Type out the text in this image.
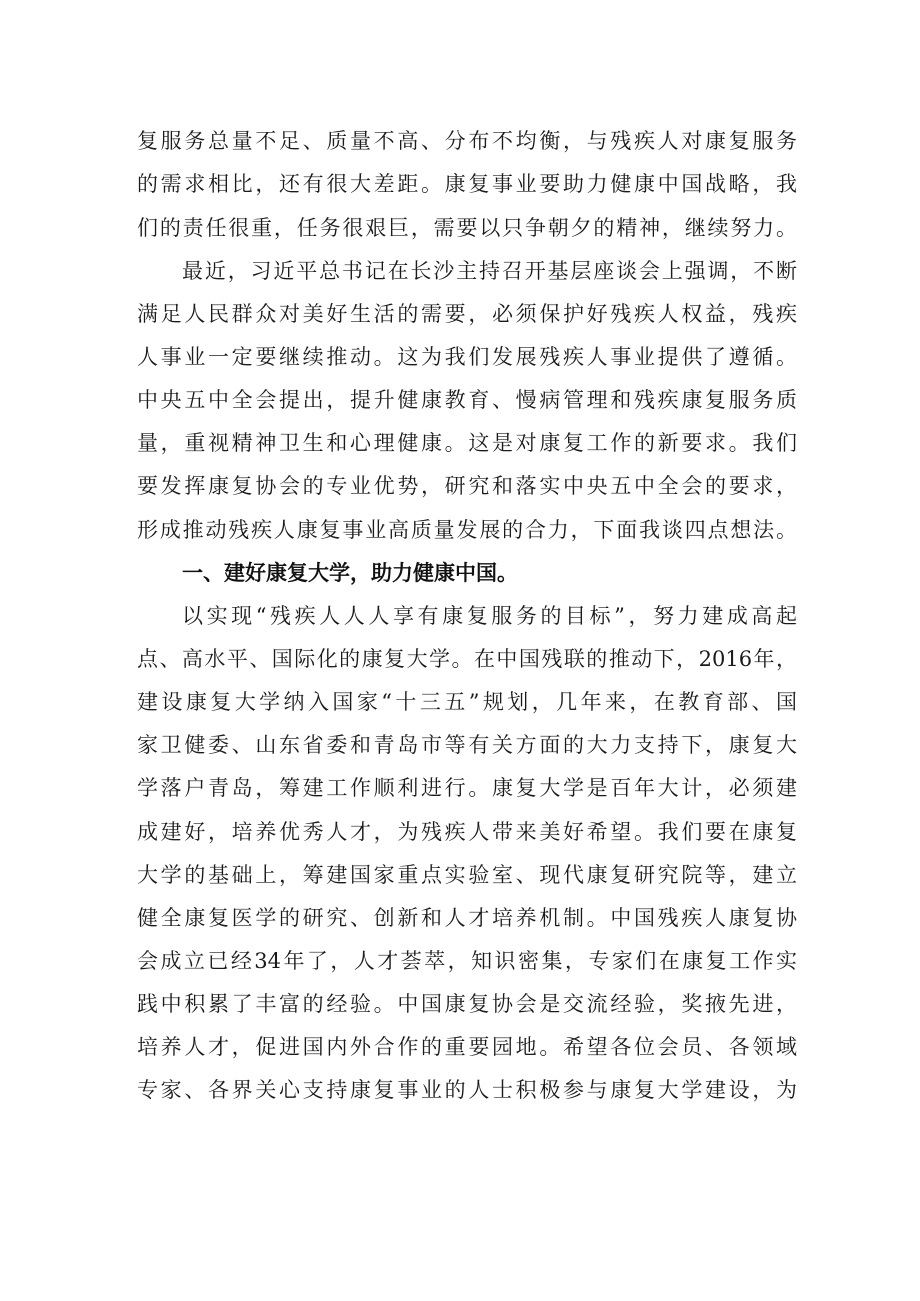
复服务总量不足、质量不高、分布不均衡，与残疾人对康复服务
的需求相比，还有很大差距。康复事业要助力健康中国战略，我
们的责任很重，任务很艰巨，需要以只争朝夕的精神，继续努力。
最近，习近平总书记在长沙主持召开基层座谈会上强调，不断
满足人民群众对美好生活的需要，必须保护好残疾人权益，残疾
人事业一定要继续推动。这为我们发展残疾人事业提供了遵循。
中央五中全会提出，提升健康教育、慢病管理和残疾康复服务质
量，重视精神卫生和心理健康。这是对康复工作的新要求。我们
要发挥康复协会的专业优势，研究和落实中央五中全会的要求，
形成推动残疾人康复事业高质量发展的合力，下面我谈四点想法。
一、建好康复大学，助力健康中国。
以实现“残疾人人人享有康复服务的目标”，努力建成高起
点、高水平、国际化的康复大学。在中国残联的推动下，2016年，
建设康复大学纳入国家“十三五”规划，几年来，在教育部、国
家卫健委、山东省委和青岛市等有关方面的大力支持下，康复大
学落户青岛，筹建工作顺利进行。康复大学是百年大计，必须建
成建好，培养优秀人才，为残疾人带来美好希望。我们要在康复
大学的基础上，筹建国家重点实验室、现代康复研究院等，建立
健全康复医学的研究、创新和人才培养机制。中国残疾人康复协
会成立已经34年了，人才荟萃，知识密集，专家们在康复工作实
践中积累了丰富的经验。中国康复协会是交流经验，奖掖先进，
培养人才，促进国内外合作的重要园地。希望各位会员、各领域
专家、各界关心支持康复事业的人士积极参与康复大学建设，为
